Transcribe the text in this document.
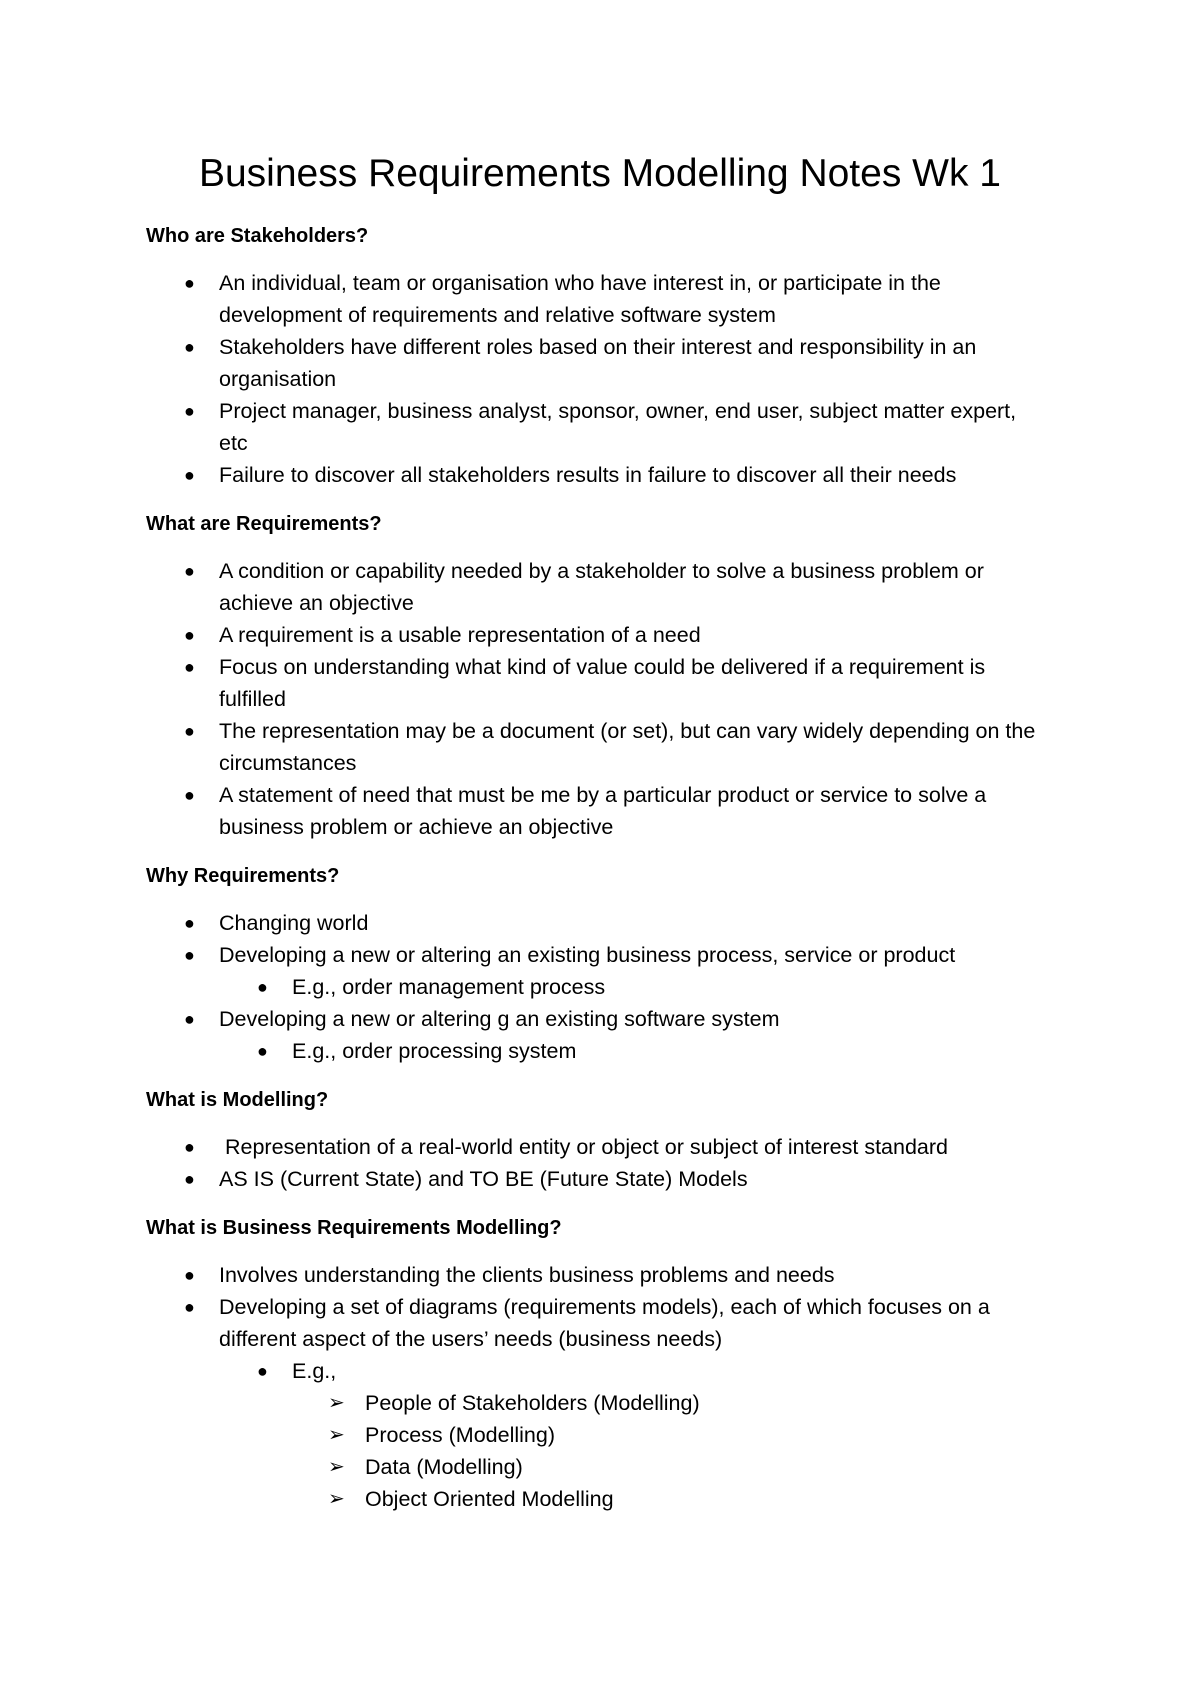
Business Requirements Modelling Notes Wk 1
Who are Stakeholders?
● An individual, team or organisation who have interest in, or participate in the development of requirements and relative software system
● Stakeholders have different roles based on their interest and responsibility in an organisation
● Project manager, business analyst, sponsor, owner, end user, subject matter expert, etc
● Failure to discover all stakeholders results in failure to discover all their needs
What are Requirements?
● A condition or capability needed by a stakeholder to solve a business problem or achieve an objective
● A requirement is a usable representation of a need
● Focus on understanding what kind of value could be delivered if a requirement is fulfilled
● The representation may be a document (or set), but can vary widely depending on the circumstances
● A statement of need that must be me by a particular product or service to solve a business problem or achieve an objective
Why Requirements?
● Changing world
● Developing a new or altering an existing business process, service or product
● E.g., order management process
● Developing a new or altering g an existing software system
● E.g., order processing system
What is Modelling?
● Representation of a real-world entity or object or subject of interest standard
● AS IS (Current State) and TO BE (Future State) Models
What is Business Requirements Modelling?
● Involves understanding the clients business problems and needs
● Developing a set of diagrams (requirements models), each of which focuses on a different aspect of the users’ needs (business needs)
● E.g.,
➢ People of Stakeholders (Modelling)
➢ Process (Modelling)
➢ Data (Modelling)
➢ Object Oriented Modelling
